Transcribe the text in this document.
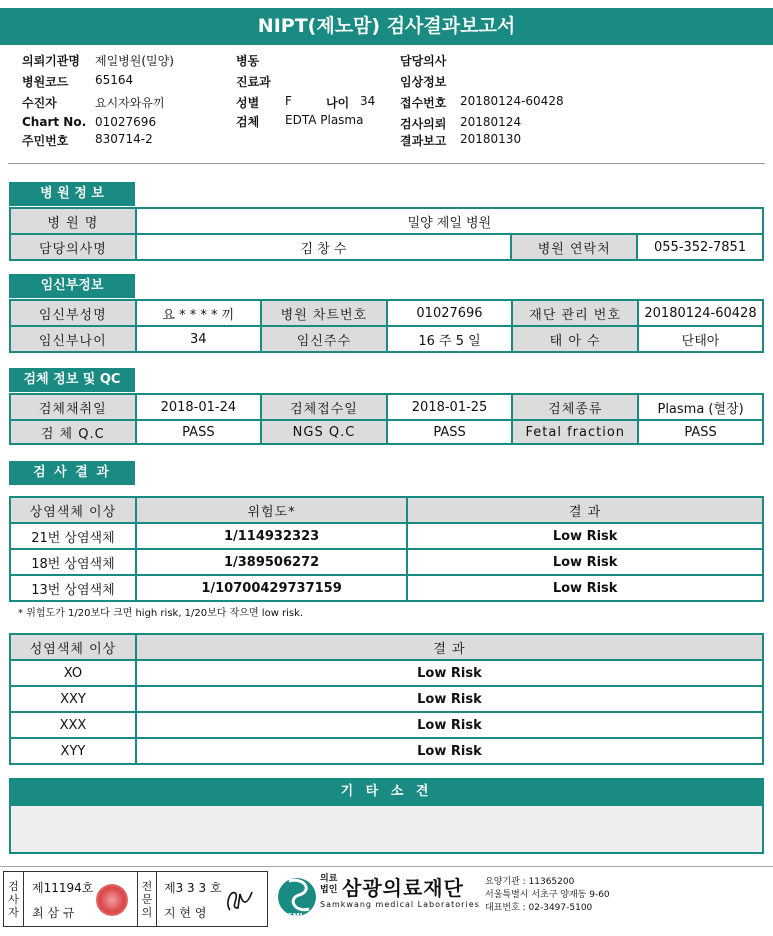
NIPT(제노맘) 검사결과보고서
의뢰기관명 제일병원(밀양)
병원코드 65164
수진자	요시자와유끼
Chart No. 01027696
주민번호 830714-2
병동
진료과
성별 F	나이 34
검체 EDTA Plasma
담당의사
임상정보
접수번호 20180124-60428
검사의뢰 20180124
결과보고 20180130
병 원 정 보
병 원 명	밀양 제일 병원		
담당의사명	김 창 수	병원 연락처	055-352-7851
임신부정보
임신부성명	요 * * * * 끼	병원 차트번호	01027696	재단 관리 번호	20180124-60428
임신부나이	34	임신주수	16 주 5 일	태 아 수	단태아
검체 정보 및 QC
검체채취일	2018-01-24	검체접수일	2018-01-25	검체종류	Plasma (혈장)
검 체 Q.C	PASS	NGS Q.C	PASS	Fetal fraction	PASS
검 사 결 과
상염색체 이상	위험도*	결 과
21번 상염색체	1/114932323	Low Risk
18번 상염색체	1/389506272	Low Risk
13번 상염색체	1/10700429737159	Low Risk
* 위험도가 1/20보다 크면 high risk, 1/20보다 작으면 low risk.
성염색체 이상	결 과
XO	Low Risk
XXY	Low Risk
XXX	Low Risk
XYY	Low Risk
기 타 소 견
검사자
제11194호
최 삼 규
전문의
제3 3 3 호
지 현 영	SML
의료법인 삼광의료재단
Samkwang medical Laboratories
요양기관 : 11365200
서울특별시 서초구 양재동 9-60
대표번호 : 02-3497-5100
